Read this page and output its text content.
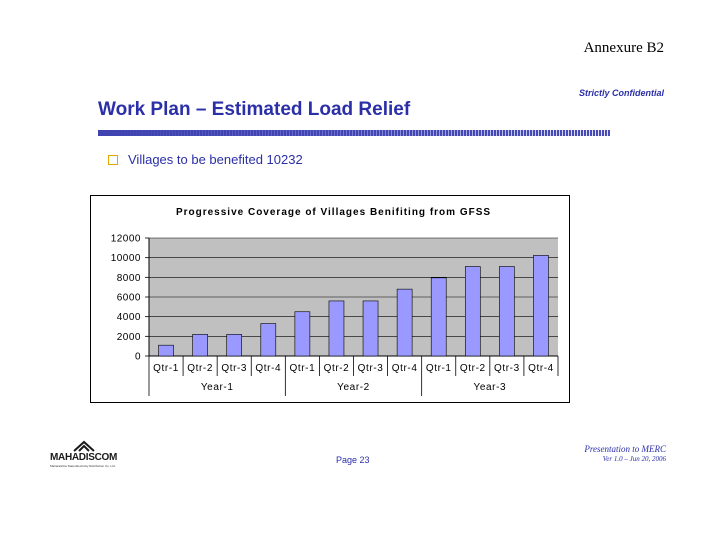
Annexure B2
Strictly Confidential
Work Plan – Estimated Load Relief
Villages to be benefited 10232
Progressive Coverage of Villages Benifiting from GFSS
0
2000
4000
6000
8000
10000
12000
Qtr-1 Qtr-2 Qtr-3 Qtr-4 Qtr-1 Qtr-2 Qtr-3 Qtr-4 Qtr-1 Qtr-2 Qtr-3 Qtr-4
Year-1	Year-2	Year-3
MAHADISCOM
Maharashtra State Electricity Distribution Co. Ltd.
Page 23
Presentation to MERC
Ver 1.0 – Jun 20, 2006
